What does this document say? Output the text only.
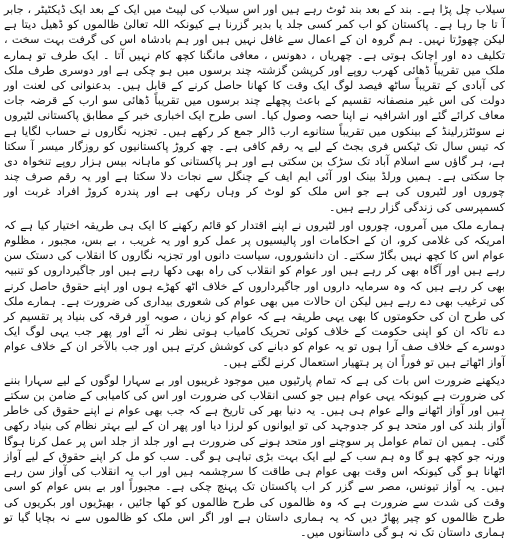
سیلاب چل پڑا ہے۔ بند کے بعد بند ٹوٹ رہے ہیں اور اس سیلاب کی لپیٹ میں ایک کے بعد ایک ڈیکٹیٹر ، جابر آ تا جا رہا ہے۔ پاکستان کو اب کمر کسی جلد یا بدیر گزرنا ہے کیونکہ اللہ تعالیٰ ظالموں کو ڈھیل دیتا ہے لیکن چھوڑتا نہیں۔ ہم گروہ ان کے اعمال سے غافل نہیں ہیں اور ہم بادشاہ اس کی گرفت بہت سخت ، تکلیف دہ اور اچانک ہوتی ہے۔ چھریاں ، دھونس ، معافی مانگنا کچھ کام نہیں آتا ۔ ایک طرف تو ہمارے ملک میں تقریباً ڈھائی کھرب روپے اور کرپشن گزشتہ چند برسوں میں ہو چکی ہے اور دوسری طرف ملک کی آبادی کے تقریباً ساٹھ فیصد لوگ ایک وقت کا کھانا حاصل کرنے کے قابل ہیں۔ بدعنوانی کی لعنت اور دولت کی اس غیر منصفانہ تقسیم کے باعث پچھلے چند برسوں میں تقریباً ڈھائی سو ارب کے قرضہ جات معاف کرائے گئے اور اشرافیہ نے اپنا حصہ وصول کیا۔ اسی طرح ایک اخباری خبر کے مطابق پاکستانی لٹیروں نے سوئٹزرلینڈ کے بینکوں میں تقریباً ستانوے ارب ڈالر جمع کر رکھے ہیں۔ تجزیہ نگاروں نے حساب لگایا ہے کہ تیس سال تک ٹیکس فری بجٹ کے لیے یہ رقم کافی ہے۔ چھ کروڑ پاکستانیوں کو روزگار میسر آ سکتا ہے، ہر گاؤں سے اسلام آباد تک سڑک بن سکتی ہے اور ہر پاکستانی کو ماہانہ بیس ہزار روپے تنخواہ دی جا سکتی ہے۔ ہمیں ورلڈ بینک اور آئی ایم ایف کے چنگل سے نجات دلا سکتا ہے اور یہ رقم صرف چند چوروں اور لٹیروں کی ہے جو اس ملک کو لوٹ کر وہاں رکھی ہے اور پندرہ کروڑ افراد غربت اور کسمپرسی کی زندگی گزار رہے ہیں۔

ہمارے ملک میں آمروں، چوروں اور لٹیروں نے اپنے اقتدار کو قائم رکھنے کا ایک ہی طریقہ اختیار کیا ہے کہ امریکہ کی غلامی کرو، ان کے احکامات اور پالیسیوں پر عمل کرو اور یہ غریب ، بے بس، مجبور ، مظلوم عوام اس کا کچھ نہیں بگاڑ سکتے۔ ان دانشوروں، سیاست دانوں اور تجزیہ نگاروں کا انقلاب کی دستک سن رہے ہیں اور آگاہ بھی کر رہے ہیں اور عوام کو انقلاب کی راہ بھی دکھا رہے ہیں اور جاگیرداروں کو تنبیہ بھی کر رہے ہیں کہ وہ سرمایہ داروں اور جاگیرداروں کے خلاف اٹھ کھڑے ہوں اور اپنے حقوق حاصل کرنے کی ترغیب بھی دے رہے ہیں لیکن ان حالات میں بھی عوام کی شعوری بیداری کی ضرورت ہے۔ ہمارے ملک کی طرح ان کی حکومتوں کا بھی یہی طریقہ ہے کہ عوام کو زبان ، صوبہ اور فرقہ کی بنیاد پر تقسیم کر دے تاکہ ان کو اپنی حکومت کے خلاف کوئی تحریک کامیاب ہوتی نظر نہ آئے اور پھر جب یہی لوگ ایک دوسرے کے خلاف صف آرا ہوں تو یہ عوام کو دبانے کی کوشش کرتے ہیں اور جب بالآخر ان کے خلاف عوام آواز اٹھاتے ہیں تو فوراً ان پر ہتھیار استعمال کرنے لگتے ہیں۔

دیکھنے ضرورت اس بات کی ہے کہ تمام پارٹیوں میں موجود غریبوں اور بے سہارا لوگوں کے لیے سہارا بننے کی ضرورت ہے کیونکہ یہی عوام ہیں جو کسی انقلاب کی ضرورت اور اس کی کامیابی کے ضامن بن سکتے ہیں اور آواز اٹھانے والے عوام ہی ہیں۔ یہ دنیا بھر کی تاریخ ہے کہ جب بھی عوام نے اپنے حقوق کی خاطر آواز بلند کی اور متحد ہو کر جدوجہد کی تو ایوانوں کو لرزا دیا اور پھر ان کے لیے بہتر نظام کی بنیاد رکھی گئی۔ ہمیں ان تمام عوامل پر سوچنے اور متحد ہونے کی ضرورت ہے اور جلد از جلد اس پر عمل کرنا ہوگا ورنہ جو کچھ ہو گا وہ ہم سب کے لیے ایک بہت بڑی تباہی ہو گی۔ سب کو مل کر اپنے حقوق کے لیے آواز اٹھانا ہو گی کیونکہ اس وقت بھی عوام ہی طاقت کا سرچشمہ ہیں اور اب یہ انقلاب کی آواز سن رہے ہیں۔ یہ آواز تیونس، مصر سے گزر کر اب پاکستان تک پہنچ چکی ہے۔ مجبوراً اور بے بس عوام کو اسی وقت کی شدت سے ضرورت ہے کہ وہ ظالموں کی طرح ظالموں کو کھا جائیں ، بھیڑیوں اور بکریوں کی طرح ظالموں کو چیر پھاڑ دیں کہ یہ ہماری داستان ہے اور اگر اس ملک کو ظالموں سے نہ بچایا گیا تو ہماری داستان تک نہ ہو گی داستانوں میں۔
